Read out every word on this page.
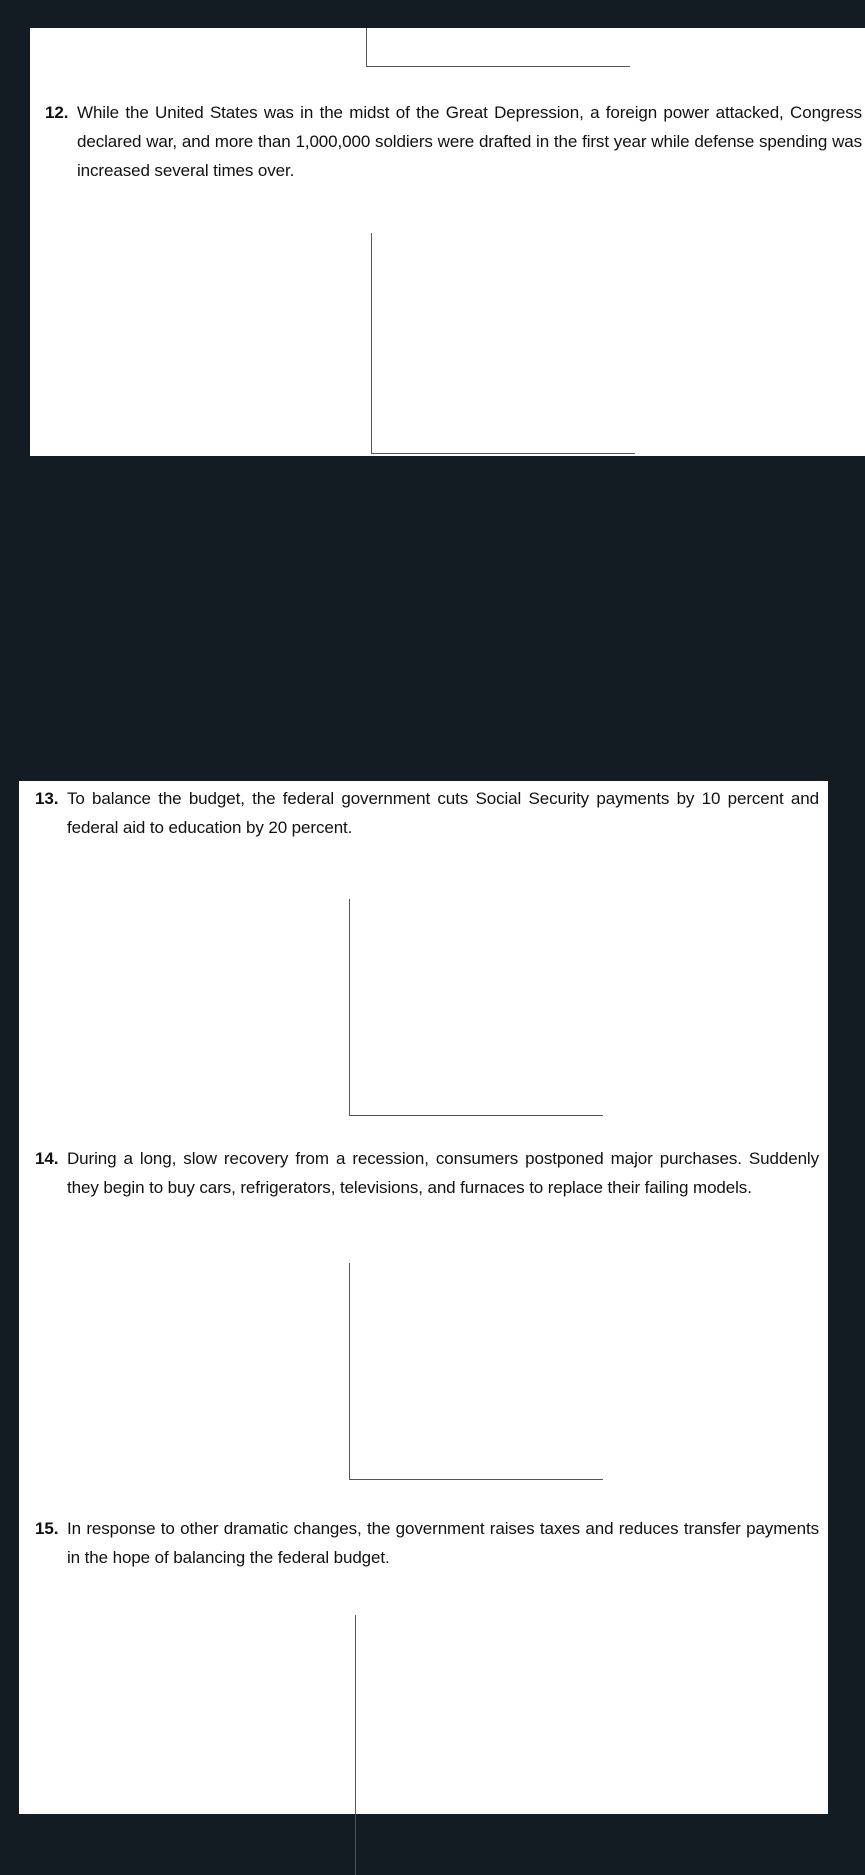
12. While the United States was in the midst of the Great Depression, a foreign power attacked, Congress declared war, and more than 1,000,000 soldiers were drafted in the first year while defense spending was increased several times over.
13. To balance the budget, the federal government cuts Social Security payments by 10 percent and federal aid to education by 20 percent.
14. During a long, slow recovery from a recession, consumers postponed major purchases. Suddenly they begin to buy cars, refrigerators, televisions, and furnaces to replace their failing models.
15. In response to other dramatic changes, the government raises taxes and reduces transfer payments in the hope of balancing the federal budget.
